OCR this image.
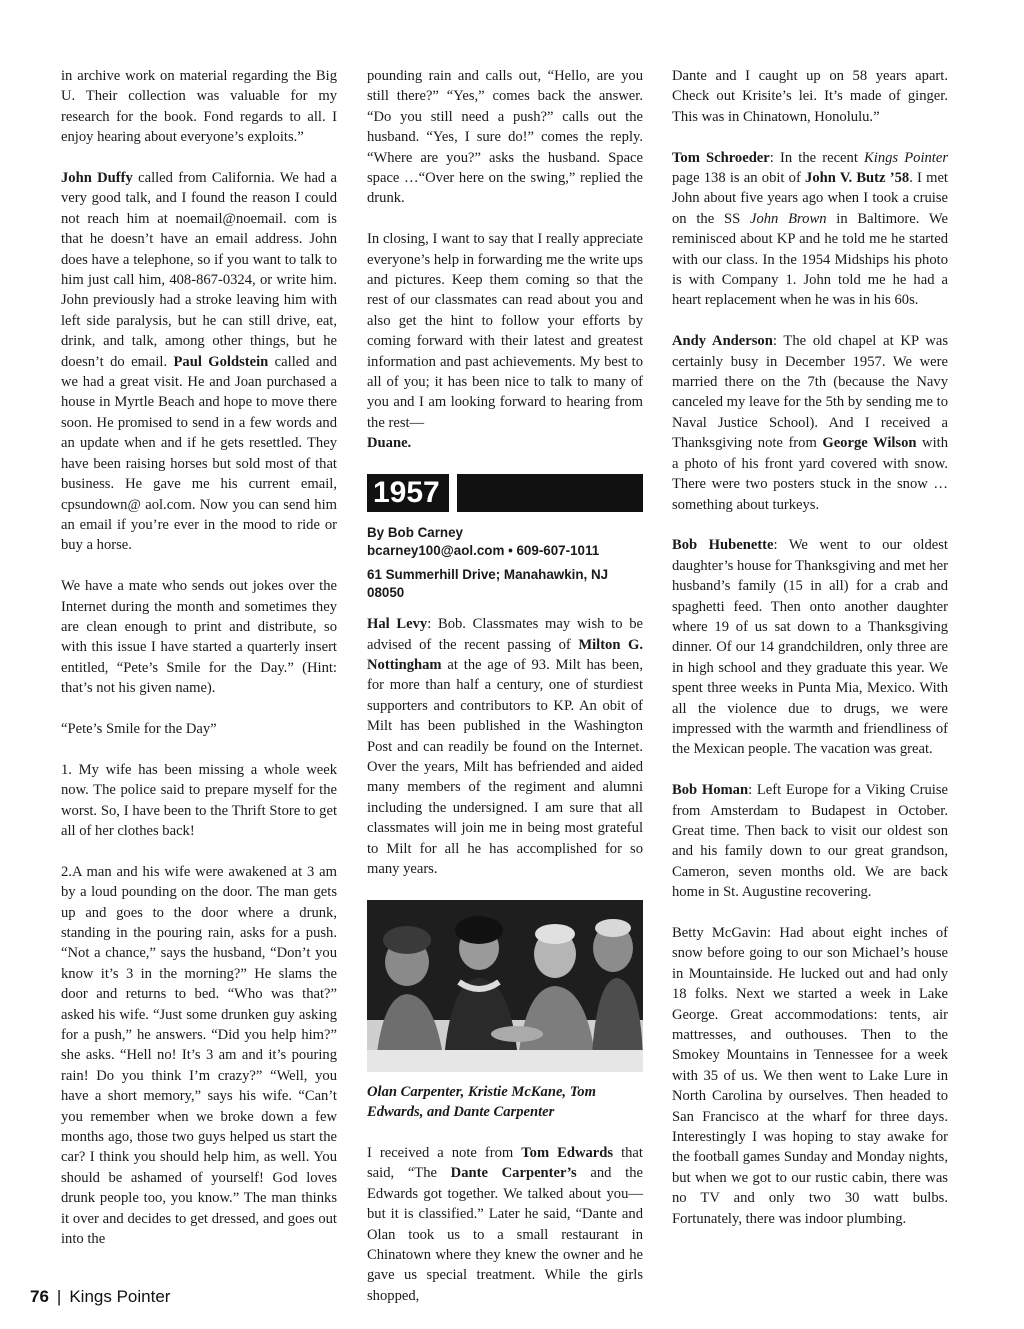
in archive work on material regarding the Big U. Their collection was valuable for my research for the book. Fond regards to all. I enjoy hearing about everyone’s exploits.”

John Duffy called from California. We had a very good talk, and I found the reason I could not reach him at noemail@noemail. com is that he doesn’t have an email address. John does have a telephone, so if you want to talk to him just call him, 408-867-0324, or write him. John previously had a stroke leaving him with left side paralysis, but he can still drive, eat, drink, and talk, among other things, but he doesn’t do email. Paul Goldstein called and we had a great visit. He and Joan purchased a house in Myrtle Beach and hope to move there soon. He promised to send in a few words and an update when and if he gets resettled. They have been raising horses but sold most of that business. He gave me his current email, cpsundown@ aol.com. Now you can send him an email if you’re ever in the mood to ride or buy a horse.

We have a mate who sends out jokes over the Internet during the month and sometimes they are clean enough to print and distribute, so with this issue I have started a quarterly insert entitled, “Pete’s Smile for the Day.” (Hint: that’s not his given name).

“Pete’s Smile for the Day”

1. My wife has been missing a whole week now. The police said to prepare myself for the worst. So, I have been to the Thrift Store to get all of her clothes back!

2.A man and his wife were awakened at 3 am by a loud pounding on the door. The man gets up and goes to the door where a drunk, standing in the pouring rain, asks for a push. “Not a chance,” says the husband, “Don’t you know it’s 3 in the morning?” He slams the door and returns to bed. “Who was that?” asked his wife. “Just some drunken guy asking for a push,” he answers. “Did you help him?” she asks. “Hell no! It’s 3 am and it’s pouring rain! Do you think I’m crazy?” “Well, you have a short memory,” says his wife. “Can’t you remember when we broke down a few months ago, those two guys helped us start the car? I think you should help him, as well. You should be ashamed of yourself! God loves drunk people too, you know.” The man thinks it over and decides to get dressed, and goes out into the

pounding rain and calls out, “Hello, are you still there?” “Yes,” comes back the answer. “Do you still need a push?” calls out the husband. “Yes, I sure do!” comes the reply. “Where are you?” asks the husband. Space space …“Over here on the swing,” replied the drunk.

In closing, I want to say that I really appreciate everyone’s help in forwarding me the write ups and pictures. Keep them coming so that the rest of our classmates can read about you and also get the hint to follow your efforts by coming forward with their latest and greatest information and past achievements. My best to all of you; it has been nice to talk to many of you and I am looking forward to hearing from the rest—

Duane.

1957
By Bob Carney
bcarney100@aol.com • 609-607-1011
61 Summerhill Drive; Manahawkin, NJ 08050

Hal Levy: Bob. Classmates may wish to be advised of the recent passing of Milton G. Nottingham at the age of 93. Milt has been, for more than half a century, one of sturdiest supporters and contributors to KP. An obit of Milt has been published in the Washington Post and can readily be found on the Internet. Over the years, Milt has befriended and aided many members of the regiment and alumni including the undersigned. I am sure that all classmates will join me in being most grateful to Milt for all he has accomplished for so many years.

Olan Carpenter, Kristie McKane, Tom Edwards, and Dante Carpenter

I received a note from Tom Edwards that said, “The Dante Carpenter’s and the Edwards got together. We talked about you—but it is classified.” Later he said, “Dante and Olan took us to a small restaurant in Chinatown where they knew the owner and he gave us special treatment. While the girls shopped,

Dante and I caught up on 58 years apart. Check out Krisite’s lei. It’s made of ginger. This was in Chinatown, Honolulu.”

Tom Schroeder: In the recent Kings Pointer page 138 is an obit of John V. Butz ’58. I met John about five years ago when I took a cruise on the SS John Brown in Baltimore. We reminisced about KP and he told me he started with our class. In the 1954 Midships his photo is with Company 1. John told me he had a heart replacement when he was in his 60s.

Andy Anderson: The old chapel at KP was certainly busy in December 1957. We were married there on the 7th (because the Navy canceled my leave for the 5th by sending me to Naval Justice School). And I received a Thanksgiving note from George Wilson with a photo of his front yard covered with snow. There were two posters stuck in the snow … something about turkeys.

Bob Hubenette: We went to our oldest daughter’s house for Thanksgiving and met her husband’s family (15 in all) for a crab and spaghetti feed. Then onto another daughter where 19 of us sat down to a Thanksgiving dinner. Of our 14 grandchildren, only three are in high school and they graduate this year. We spent three weeks in Punta Mia, Mexico. With all the violence due to drugs, we were impressed with the warmth and friendliness of the Mexican people. The vacation was great.

Bob Homan: Left Europe for a Viking Cruise from Amsterdam to Budapest in October. Great time. Then back to visit our oldest son and his family down to our great grandson, Cameron, seven months old. We are back home in St. Augustine recovering.

Betty McGavin: Had about eight inches of snow before going to our son Michael’s house in Mountainside. He lucked out and had only 18 folks. Next we started a week in Lake George. Great accommodations: tents, air mattresses, and outhouses. Then to the Smokey Mountains in Tennessee for a week with 35 of us. We then went to Lake Lure in North Carolina by ourselves. Then headed to San Francisco at the wharf for three days. Interestingly I was hoping to stay awake for the football games Sunday and Monday nights, but when we got to our rustic cabin, there was no TV and only two 30 watt bulbs. Fortunately, there was indoor plumbing.

76 | Kings Pointer
